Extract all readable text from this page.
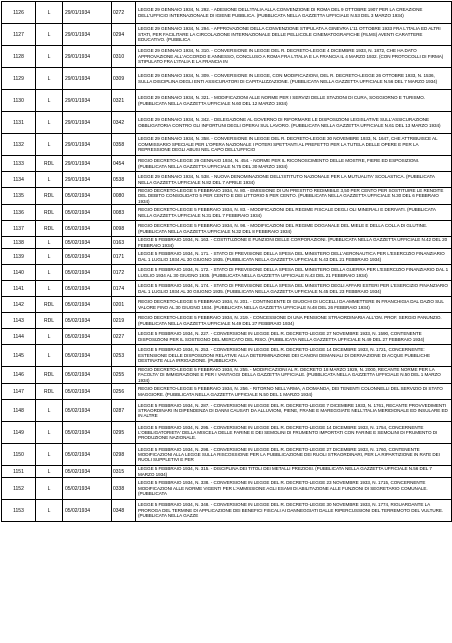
1126	L	29/01/1934	0272	LEGGE 29 GENNAIO 1934, N. 292. - ADESIONE DELL'ITALIA ALLA CONVENZIONE DI ROMA DEL 9 OTTOBRE 1907 PER LA CREAZIONE DELL'UFFICIO INTERNAZIONALE DI IGIENE PUBBLICA. (PUBBLICATA NELLA GAZZETTA UFFICIALE N.53 DEL 3 MARZO 1934)
1127	L	29/01/1934	0294	LEGGE 29 GENNAIO 1934, N. 294. - APPROVAZIONE DELLA CONVENZIONE STIPULATA A GINEVRA L'11 OTTOBRE 1933 FRA L'ITALIA ED ALTRI STATI, PER FACILITARE LA CIRCOLAZIONE INTERNAZIONALE DELLE PELLICOLE CINEMATOGRAFICHE (FILMS) AVENTI CARATTERE EDUCATIVO. (PUBBLICA
1128	L	29/01/1934	0310	LEGGE 29 GENNAIO 1934, N. 310. - CONVERSIONE IN LEGGE DEL R. DECRETO-LEGGE 4 DICEMBRE 1933, N. 1872, CHE HA DATO APPROVAZIONE ALL'ACCORDO E ANNESSO, CONCLUSO A ROMA FRA L'ITALIA E LA FRANCIA IL 4 MARZO 1932. (CON PROTOCOLLI DI FIRMA) STIPULATO FRA L'ITALIA E LA FRANCIA IN
1129	L	29/01/1934	0309	LEGGE 29 GENNAIO 1934, N. 309. - CONVERSIONE IN LEGGE, CON MODIFICAZIONI, DEL R. DECRETO-LEGGE 26 OTTOBRE 1933, N. 1536, SULLA DISCIPLINA DEGLI ENTI ASSICURATORI DI CAPITALIZZAZIONE. (PUBBLICATA NELLA GAZZETTA UFFICIALE N.56 DEL 7 MARZO 1934)
1130	L	29/01/1934	0321	LEGGE 29 GENNAIO 1934, N. 321. - MODIFICAZIONI ALLE NORME PER I SERVIZI DELLE STAZIONI DI CURA, SOGGIORNO E TURISMO. (PUBBLICATA NELLA GAZZETTA UFFICIALE N.60 DEL 12 MARZO 1934)
1131	L	29/01/1934	0342	LEGGE 29 GENNAIO 1934, N. 342. - DELEGAZIONE AL GOVERNO DI RIFORMARE LE DISPOSIZIONI LEGISLATIVE SULL'ASSICURAZIONE OBBLIGATORIA CONTRO GLI INFORTUNI DEGLI OPERAI SUL LAVORO. (PUBBLICATA NELLA GAZZETTA UFFICIALE N.61 DEL 13 MARZO 1934)
1132	L	29/01/1934	0358	LEGGE 29 GENNAIO 1934, N. 358. - CONVERSIONE IN LEGGE DEL R. DECRETO-LEGGE 30 NOVEMBRE 1933, N. 1647, CHE ATTRIBUISCE AL COMMISSARIO SPECIALE PER L'OPERA NAZIONALE I POTERI SPETTANTI AL PREFETTO PER LA TUTELA DELLE OPERE E PER LA REPRESSIONE DEGLI ABUSI NEL CAPO DELL'UFFICIO
1133	RDL	29/01/1934	0454	REGIO DECRETO-LEGGE 29 GENNAIO 1934, N. 454. - NORME PER IL RICONOSCIMENTO DELLE MOSTRE, FIERE ED ESPOSIZIONI. (PUBBLICATA NELLA GAZZETTA UFFICIALE N.75 DEL 30 MARZO 1934)
1134	L	29/01/1934	0538	LEGGE 29 GENNAIO 1934, N. 538. - NUOVA DENOMINAZIONE DELL'ISTITUTO NAZIONALE PER LA MUTUALITA' SCOLASTICA. (PUBBLICATA NELLA GAZZETTA UFFICIALE N.82 DEL 7 APRILE 1934)
1135	RDL	05/02/1934	0080	REGIO DECRETO-LEGGE 5 FEBBRAIO 1934, N. 80. - EMISSIONE DI UN PRESTITO REDIMIBILE 3,50 PER CENTO PER SOSTITUIRE LE RENDITE DEL DEBITO CONSOLIDATO 5 PER CENTO E DEI LITTORIO 5 PER CENTO. (PUBBLICATA NELLA GAZZETTA UFFICIALE N.30 DEL 6 FEBBRAIO 1934)
1136	RDL	05/02/1934	0083	REGIO DECRETO-LEGGE 5 FEBBRAIO 1934, N. 83. - MODIFICAZIONI DEL REGIME FISCALE DEGLI OLI MINERALI E DERIVATI. (PUBBLICATA NELLA GAZZETTA UFFICIALE N.31 DEL 7 FEBBRAIO 1934)
1137	RDL	05/02/1934	0098	REGIO DECRETO-LEGGE 5 FEBBRAIO 1934, N. 98. - MODIFICAZIONI DEL REGIME DOGANALE DEL MIELE E DELLA COLLA DI GLUTINE. (PUBBLICATA NELLA GAZZETTA UFFICIALE N.32 DEL 8 FEBBRAIO 1934)
1138	L	05/02/1934	0163	LEGGE 5 FEBBRAIO 1934, N. 163. - COSTITUZIONE E FUNZIONI DELLE CORPORAZIONI. (PUBBLICATA NELLA GAZZETTA UFFICIALE N.42 DEL 20 FEBBRAIO 1934)
1139	L	05/02/1934	0171	LEGGE 5 FEBBRAIO 1934, N. 171. - STATO DI PREVISIONE DELLA SPESA DEL MINISTERO DELL'AERONAUTICA PER L'ESERCIZIO FINANZIARIO DAL 1 LUGLIO 1934 AL 30 GIUGNO 1935. (PUBBLICATA NELLA GAZZETTA UFFICIALE N.43 DEL 21 FEBBRAIO 1934)
1140	L	05/02/1934	0172	LEGGE 5 FEBBRAIO 1934, N. 172. - STATO DI PREVISIONE DELLA SPESA DEL MINISTERO DELLA GUERRA PER L'ESERCIZIO FINANZIARIO DAL 1 LUGLIO 1934 AL 30 GIUGNO 1935. (PUBBLICATA NELLA GAZZETTA UFFICIALE N.43 DEL 21 FEBBRAIO 1934)
1141	L	05/02/1934	0174	LEGGE 5 FEBBRAIO 1934, N. 174. - STATO DI PREVISIONE DELLA SPESA DEL MINISTERO DEGLI AFFARI ESTERI PER L'ESERCIZIO FINANZIARIO DAL 1 LUGLIO 1934 AL 30 GIUGNO 1935. (PUBBLICATA NELLA GAZZETTA UFFICIALE N.45 DEL 23 FEBBRAIO 1934)
1142	RDL	05/02/1934	0201	REGIO DECRETO-LEGGE 5 FEBBRAIO 1934, N. 201. - CONTINGENTE DI GIUOCHI DI UCCELLI DA AMMETTERE IN FRANCHIGIA DAL DAZIO SUL VALORE FINO AL 30 GIUGNO 1934. (PUBBLICATA NELLA GAZZETTA UFFICIALE N.48 DEL 26 FEBBRAIO 1934)
1143	RDL	05/02/1934	0219	REGIO DECRETO-LEGGE 5 FEBBRAIO 1934, N. 219. - CONCESSIONE DI UNA PENSIONE STRAORDINARIA ALL'ON. PROF. SERGIO PANUNZIO. (PUBBLICATA NELLA GAZZETTA UFFICIALE N.49 DEL 27 FEBBRAIO 1934)
1144	L	05/02/1934	0227	LEGGE 5 FEBBRAIO 1934, N. 227. - CONVERSIONE IN LEGGE DEL R. DECRETO-LEGGE 27 NOVEMBRE 1933, N. 1590, CONTENENTE DISPOSIZIONI PER IL SOSTEGNO DEL MERCATO DEL RISO. (PUBBLICATA NELLA GAZZETTA UFFICIALE N.49 DEL 27 FEBBRAIO 1934)
1145	L	05/02/1934	0253	LEGGE 5 FEBBRAIO 1934, N. 253. - CONVERSIONE IN LEGGE DEL R. DECRETO-LEGGE 14 DICEMBRE 1933, N. 1721, CONCERNENTE: ESTENSIONE DELLE DISPOSIZIONI RELATIVE ALLA DETERMINAZIONE DEI CANONI DEMANIALI DI DERIVAZIONE DI ACQUE PUBBLICHE DESTINATE ALLA IRRIGAZIONE. (PUBBLICATA
1146	RDL	05/02/1934	0255	REGIO DECRETO-LEGGE 5 FEBBRAIO 1934, N. 255. - MODIFICAZIONI AL R. DECRETO 18 MARZO 1929, N. 2000, RECANTE NORME PER LA FACOLTA' DI IMMIGRAZIONE E PER I VANTAGGI DELLA GAZZETTA UFFICIALE. (PUBBLICATA NELLA GAZZETTA UFFICIALE N.50 DEL 1 MARZO 1934)
1147	RDL	05/02/1934	0256	REGIO DECRETO-LEGGE 5 FEBBRAIO 1934, N. 256. - RITORNO NELL'ARMA, A DOMANDA, DEI TENENTI COLONNELLI DEL SERVIZIO DI STATO MAGGIORE. (PUBBLICATA NELLA GAZZETTA UFFICIALE N.50 DEL 1 MARZO 1934)
1148	L	05/02/1934	0287	LEGGE 5 FEBBRAIO 1934, N. 287. - CONVERSIONE IN LEGGE DEL R. DECRETO-LEGGE 7 DICEMBRE 1933, N. 1761, RECANTE PROVVEDIMENTI STRAORDINARI IN DIPENDENZA DI DANNI CAUSATI DA ALLUVIONI, PIENE, FRANE E MAREGGIATE NELL'ITALIA MERIDIONALE ED INSULARE ED IN ALTRE
1149	L	05/02/1934	0295	LEGGE 5 FEBBRAIO 1934, N. 295. - CONVERSIONE IN LEGGE DEL R. DECRETO-LEGGE 14 DICEMBRE 1933, N. 1754, CONCERNENTE L'OBBLIGATORIETA' DELLA MISCELA DELLE FARINE E DEI SEMOLINI DI FRUMENTO IMPORTATI CON FARINE E SEMOLINI DI FRUMENTO DI PRODUZIONE NAZIONALE.
1150	L	05/02/1934	0298	LEGGE 5 FEBBRAIO 1934, N. 298. - CONVERSIONE IN LEGGE DEL R. DECRETO-LEGGE 27 DICEMBRE 1933, N. 1760, CONTENENTE MODIFICAZIONI ALLA LEGGE SULLA RISCOSSIONE PER LA PUBBLICAZIONE DEI RUOLI STRAORDINARI, PER LA RIPARTIZIONE IN RATE DEI RUOLI SUPPLETIVI E PER
1151	L	05/02/1934	0315	LEGGE 5 FEBBRAIO 1934, N. 315. - DISCIPLINA DEI TITOLI DEI METALLI PREZIOSI. (PUBBLICATA NELLA GAZZETTA UFFICIALE N.56 DEL 7 MARZO 1934)
1152	L	05/02/1934	0338	LEGGE 5 FEBBRAIO 1934, N. 338. - CONVERSIONE IN LEGGE DEL R. DECRETO-LEGGE 23 NOVEMBRE 1933, N. 1715, CONCERNENTE MODIFICAZIONI ALLE NORME VIGENTI PER L'AMMISSIONE AGLI ESAMI DI ABILITAZIONE ALLE FUNZIONI DI SEGRETARIO COMUNALE. (PUBBLICATA
1153	L	05/02/1934	0348	LEGGE 5 FEBBRAIO 1934, N. 348. - CONVERSIONE IN LEGGE DEL R. DECRETO-LEGGE 30 NOVEMBRE 1933, N. 1774, RIGUARDANTE LA PROROGA DEL TERMINE DI APPLICAZIONE DEI BENEFICI FISCALI AI DANNEGGIATI DALLE RIPERCUSSIONI DEL TERREMOTO DEL VULTURE. (PUBBLICATA NELLA GAZZE
